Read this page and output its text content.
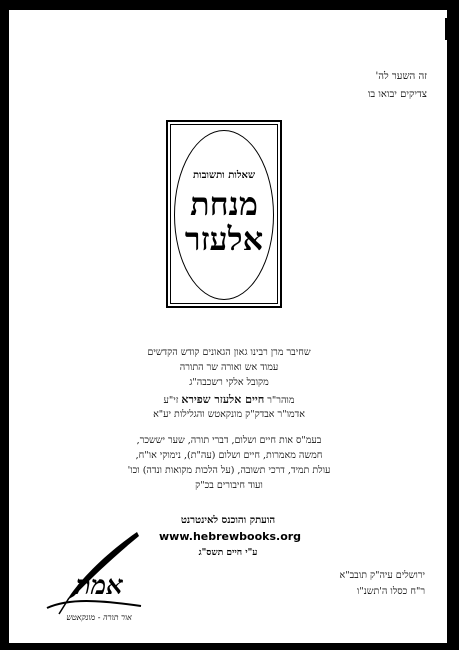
זה השער לה'
צדיקים יבואו בו
שאלות ותשובות
מנחת
אלעזר
שחיבר מרן רבינו גאון הגאונים קודש הקדשים
עמוד אש ואורה שר התורה
מקובל אלקי רשכבה"ג
מוהר"ר חיים אלעזר שפירא זי"ע
אדמו"ר אבדק"ק מונקאטש והגלילות יע"א
בעמ"ס אות חיים ושלום, דברי תורה, שער יששכר,
חמשה מאמרות, חיים ושלום (עה"ת), נימוקי או"ח,
עולת תמיד, דרכי תשובה, (על הלכות מקואות ונדה) וכו'
ועוד חיבורים בכ"ק
הועתק והוכנס לאינטרנט
www.hebrewbooks.org
ע"י חיים תשס"ג
ירושלים עיה"ק תובב"א
ר"ח כסלו ה'תשנ"ו
אמת
אור תורה - מונקאטש
